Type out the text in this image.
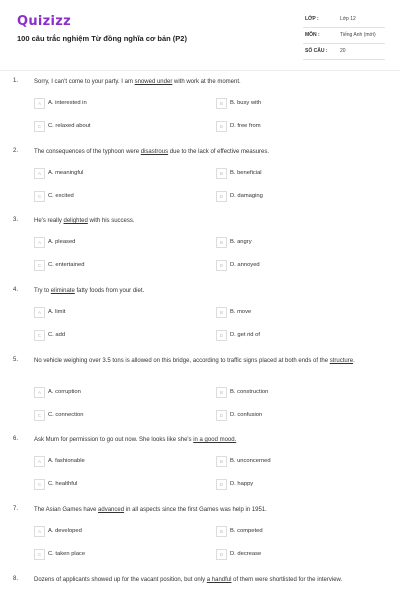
Quizizz
100 câu trắc nghiệm Từ đồng nghĩa cơ bản (P2)
LỚP :	Lớp 12
MÔN :	Tiếng Anh (mới)
SỐ CÂU :	20
1.	Sorry, I can't come to your party. I am snowed under with work at the moment.
A A. interested in	B B. busy with
C C. relaxed about	D D. free from
2.	The consequences of the typhoon were disastrous due to the lack of effective measures.
A A. meaningful	B B. beneficial
C C. excited	D D. damaging
3.	He's really delighted with his success.
A A. pleased	B B. angry
C C. entertained	D D. annoyed
4.	Try to eliminate fatty foods from your diet.
A A. limit	B B. move
C C. add	D D. get rid of
5.	No vehicle weighing over 3.5 tons is allowed on this bridge, according to traffic signs placed at both ends of the structure.
A A. corruption	B B. construction
C C. connection	D D. confusion
6.	Ask Mum for permission to go out now. She looks like she's in a good mood.
A A. fashionable	B B. unconcerned
C C. healthful	D D. happy
7.	The Asian Games have advanced in all aspects since the first Games was help in 1951.
A A. developed	B B. competed
C C. taken place	D D. decrease
8.	Dozens of applicants showed up for the vacant position, but only a handful of them were shortlisted for the interview.
